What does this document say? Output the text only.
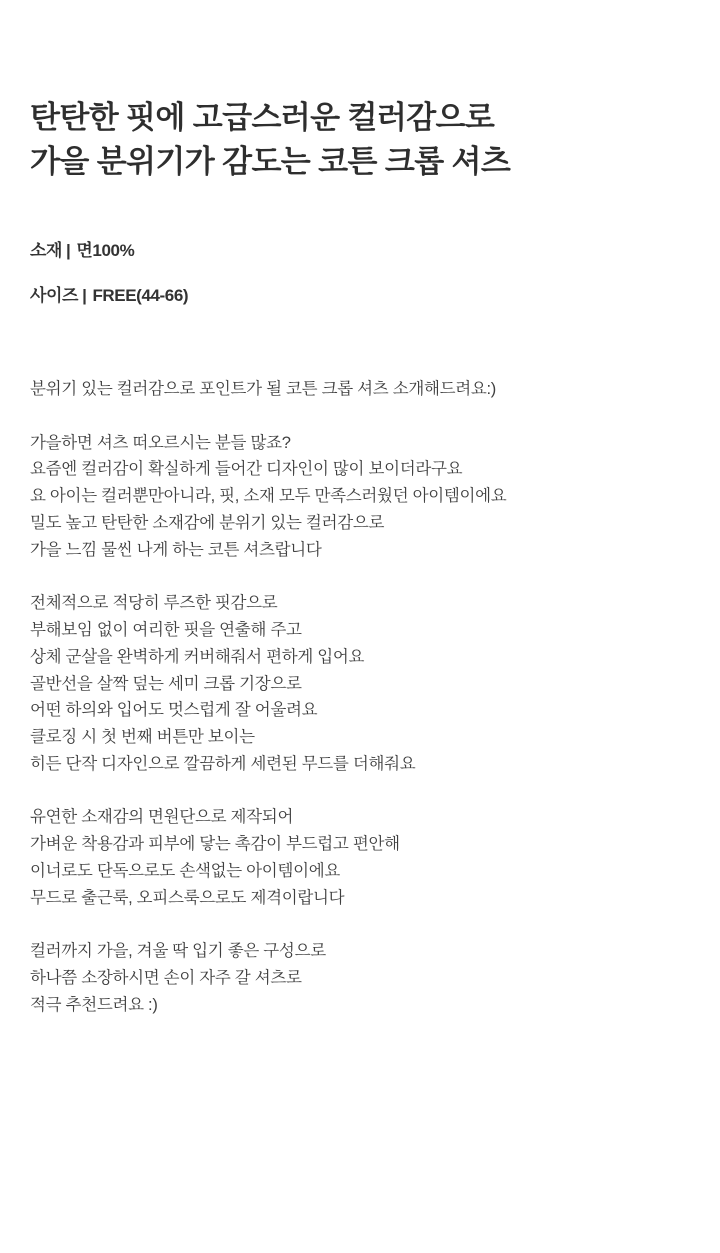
탄탄한 핏에 고급스러운 컬러감으로
가을 분위기가 감도는 코튼 크롭 셔츠

소재 | 면100%

사이즈 | FREE(44-66)

분위기 있는 컬러감으로 포인트가 될 코튼 크롭 셔츠 소개해드려요:)
가을하면 셔츠 떠오르시는 분들 많죠?
요즘엔 컬러감이 확실하게 들어간 디자인이 많이 보이더라구요
요 아이는 컬러뿐만아니라, 핏, 소재 모두 만족스러웠던 아이템이에요
밀도 높고 탄탄한 소재감에 분위기 있는 컬러감으로
가을 느낌 물씬 나게 하는 코튼 셔츠랍니다
전체적으로 적당히 루즈한 핏감으로
부해보임 없이 여리한 핏을 연출해 주고
상체 군살을 완벽하게 커버해줘서 편하게 입어요
골반선을 살짝 덮는 세미 크롭 기장으로
어떤 하의와 입어도 멋스럽게 잘 어울려요
클로징 시 첫 번째 버튼만 보이는
히든 단작 디자인으로 깔끔하게 세련된 무드를 더해줘요
유연한 소재감의 면원단으로 제작되어
가벼운 착용감과 피부에 닿는 촉감이 부드럽고 편안해
이너로도 단독으로도 손색없는 아이템이에요
무드로 출근룩, 오피스룩으로도 제격이랍니다
컬러까지 가을, 겨울 딱 입기 좋은 구성으로
하나쯤 소장하시면 손이 자주 갈 셔츠로
적극 추천드려요 :)
